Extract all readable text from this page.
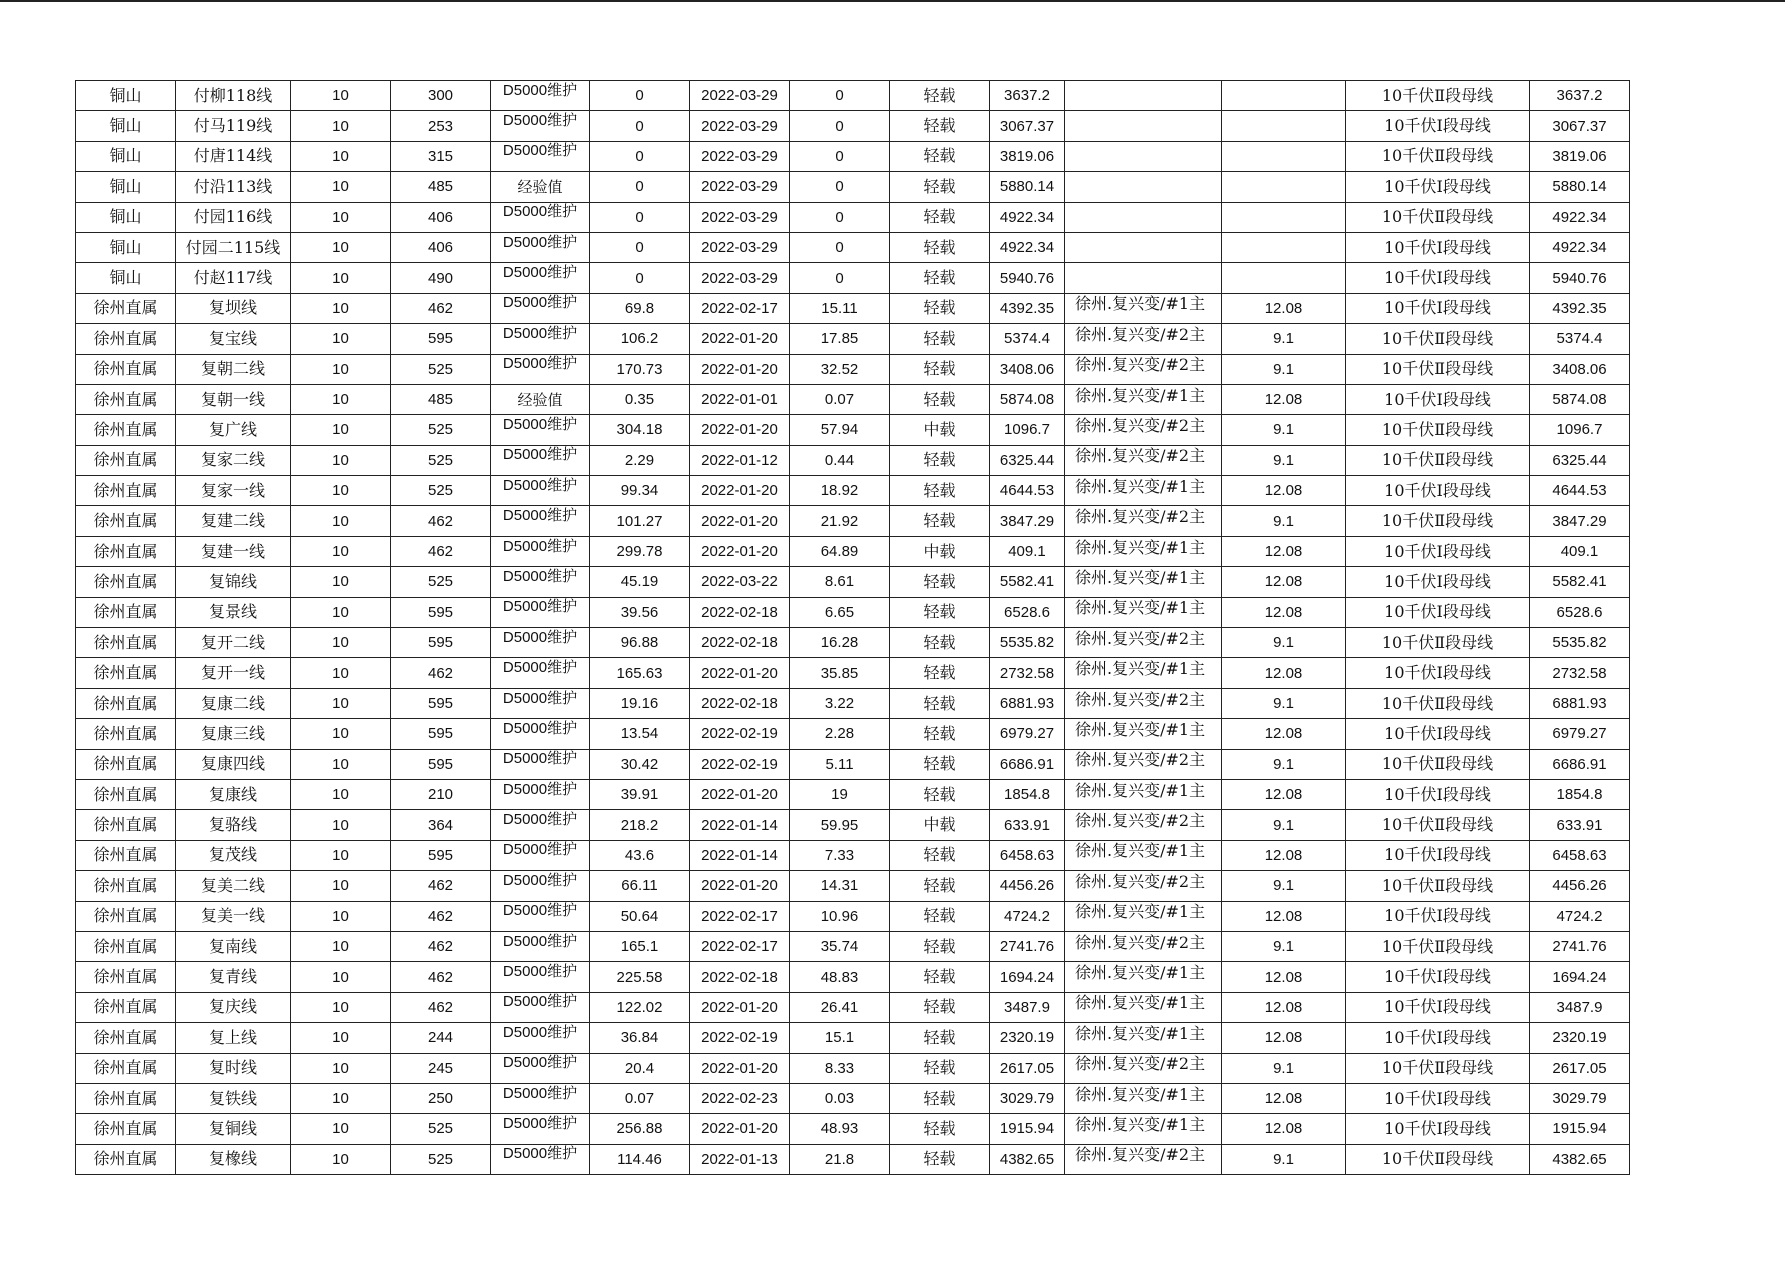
铜山	付柳118线	10	300	D5000维护	0	2022-03-29	0	轻载	3637.2			10千伏Ⅱ段母线	3637.2
铜山	付马119线	10	253	D5000维护	0	2022-03-29	0	轻载	3067.37			10千伏Ⅰ段母线	3067.37
铜山	付唐114线	10	315	D5000维护	0	2022-03-29	0	轻载	3819.06			10千伏Ⅱ段母线	3819.06
铜山	付沿113线	10	485	经验值	0	2022-03-29	0	轻载	5880.14			10千伏Ⅰ段母线	5880.14
铜山	付园116线	10	406	D5000维护	0	2022-03-29	0	轻载	4922.34			10千伏Ⅱ段母线	4922.34
铜山	付园二115线	10	406	D5000维护	0	2022-03-29	0	轻载	4922.34			10千伏Ⅰ段母线	4922.34
铜山	付赵117线	10	490	D5000维护	0	2022-03-29	0	轻载	5940.76			10千伏Ⅰ段母线	5940.76
徐州直属	复坝线	10	462	D5000维护	69.8	2022-02-17	15.11	轻载	4392.35	徐州.复兴变/#1主	12.08	10千伏Ⅰ段母线	4392.35
徐州直属	复宝线	10	595	D5000维护	106.2	2022-01-20	17.85	轻载	5374.4	徐州.复兴变/#2主	9.1	10千伏Ⅱ段母线	5374.4
徐州直属	复朝二线	10	525	D5000维护	170.73	2022-01-20	32.52	轻载	3408.06	徐州.复兴变/#2主	9.1	10千伏Ⅱ段母线	3408.06
徐州直属	复朝一线	10	485	经验值	0.35	2022-01-01	0.07	轻载	5874.08	徐州.复兴变/#1主	12.08	10千伏Ⅰ段母线	5874.08
徐州直属	复广线	10	525	D5000维护	304.18	2022-01-20	57.94	中载	1096.7	徐州.复兴变/#2主	9.1	10千伏Ⅱ段母线	1096.7
徐州直属	复家二线	10	525	D5000维护	2.29	2022-01-12	0.44	轻载	6325.44	徐州.复兴变/#2主	9.1	10千伏Ⅱ段母线	6325.44
徐州直属	复家一线	10	525	D5000维护	99.34	2022-01-20	18.92	轻载	4644.53	徐州.复兴变/#1主	12.08	10千伏Ⅰ段母线	4644.53
徐州直属	复建二线	10	462	D5000维护	101.27	2022-01-20	21.92	轻载	3847.29	徐州.复兴变/#2主	9.1	10千伏Ⅱ段母线	3847.29
徐州直属	复建一线	10	462	D5000维护	299.78	2022-01-20	64.89	中载	409.1	徐州.复兴变/#1主	12.08	10千伏Ⅰ段母线	409.1
徐州直属	复锦线	10	525	D5000维护	45.19	2022-03-22	8.61	轻载	5582.41	徐州.复兴变/#1主	12.08	10千伏Ⅰ段母线	5582.41
徐州直属	复景线	10	595	D5000维护	39.56	2022-02-18	6.65	轻载	6528.6	徐州.复兴变/#1主	12.08	10千伏Ⅰ段母线	6528.6
徐州直属	复开二线	10	595	D5000维护	96.88	2022-02-18	16.28	轻载	5535.82	徐州.复兴变/#2主	9.1	10千伏Ⅱ段母线	5535.82
徐州直属	复开一线	10	462	D5000维护	165.63	2022-01-20	35.85	轻载	2732.58	徐州.复兴变/#1主	12.08	10千伏Ⅰ段母线	2732.58
徐州直属	复康二线	10	595	D5000维护	19.16	2022-02-18	3.22	轻载	6881.93	徐州.复兴变/#2主	9.1	10千伏Ⅱ段母线	6881.93
徐州直属	复康三线	10	595	D5000维护	13.54	2022-02-19	2.28	轻载	6979.27	徐州.复兴变/#1主	12.08	10千伏Ⅰ段母线	6979.27
徐州直属	复康四线	10	595	D5000维护	30.42	2022-02-19	5.11	轻载	6686.91	徐州.复兴变/#2主	9.1	10千伏Ⅱ段母线	6686.91
徐州直属	复康线	10	210	D5000维护	39.91	2022-01-20	19	轻载	1854.8	徐州.复兴变/#1主	12.08	10千伏Ⅰ段母线	1854.8
徐州直属	复骆线	10	364	D5000维护	218.2	2022-01-14	59.95	中载	633.91	徐州.复兴变/#2主	9.1	10千伏Ⅱ段母线	633.91
徐州直属	复茂线	10	595	D5000维护	43.6	2022-01-14	7.33	轻载	6458.63	徐州.复兴变/#1主	12.08	10千伏Ⅰ段母线	6458.63
徐州直属	复美二线	10	462	D5000维护	66.11	2022-01-20	14.31	轻载	4456.26	徐州.复兴变/#2主	9.1	10千伏Ⅱ段母线	4456.26
徐州直属	复美一线	10	462	D5000维护	50.64	2022-02-17	10.96	轻载	4724.2	徐州.复兴变/#1主	12.08	10千伏Ⅰ段母线	4724.2
徐州直属	复南线	10	462	D5000维护	165.1	2022-02-17	35.74	轻载	2741.76	徐州.复兴变/#2主	9.1	10千伏Ⅱ段母线	2741.76
徐州直属	复青线	10	462	D5000维护	225.58	2022-02-18	48.83	轻载	1694.24	徐州.复兴变/#1主	12.08	10千伏Ⅰ段母线	1694.24
徐州直属	复庆线	10	462	D5000维护	122.02	2022-01-20	26.41	轻载	3487.9	徐州.复兴变/#1主	12.08	10千伏Ⅰ段母线	3487.9
徐州直属	复上线	10	244	D5000维护	36.84	2022-02-19	15.1	轻载	2320.19	徐州.复兴变/#1主	12.08	10千伏Ⅰ段母线	2320.19
徐州直属	复时线	10	245	D5000维护	20.4	2022-01-20	8.33	轻载	2617.05	徐州.复兴变/#2主	9.1	10千伏Ⅱ段母线	2617.05
徐州直属	复铁线	10	250	D5000维护	0.07	2022-02-23	0.03	轻载	3029.79	徐州.复兴变/#1主	12.08	10千伏Ⅰ段母线	3029.79
徐州直属	复铜线	10	525	D5000维护	256.88	2022-01-20	48.93	轻载	1915.94	徐州.复兴变/#1主	12.08	10千伏Ⅰ段母线	1915.94
徐州直属	复橡线	10	525	D5000维护	114.46	2022-01-13	21.8	轻载	4382.65	徐州.复兴变/#2主	9.1	10千伏Ⅱ段母线	4382.65
